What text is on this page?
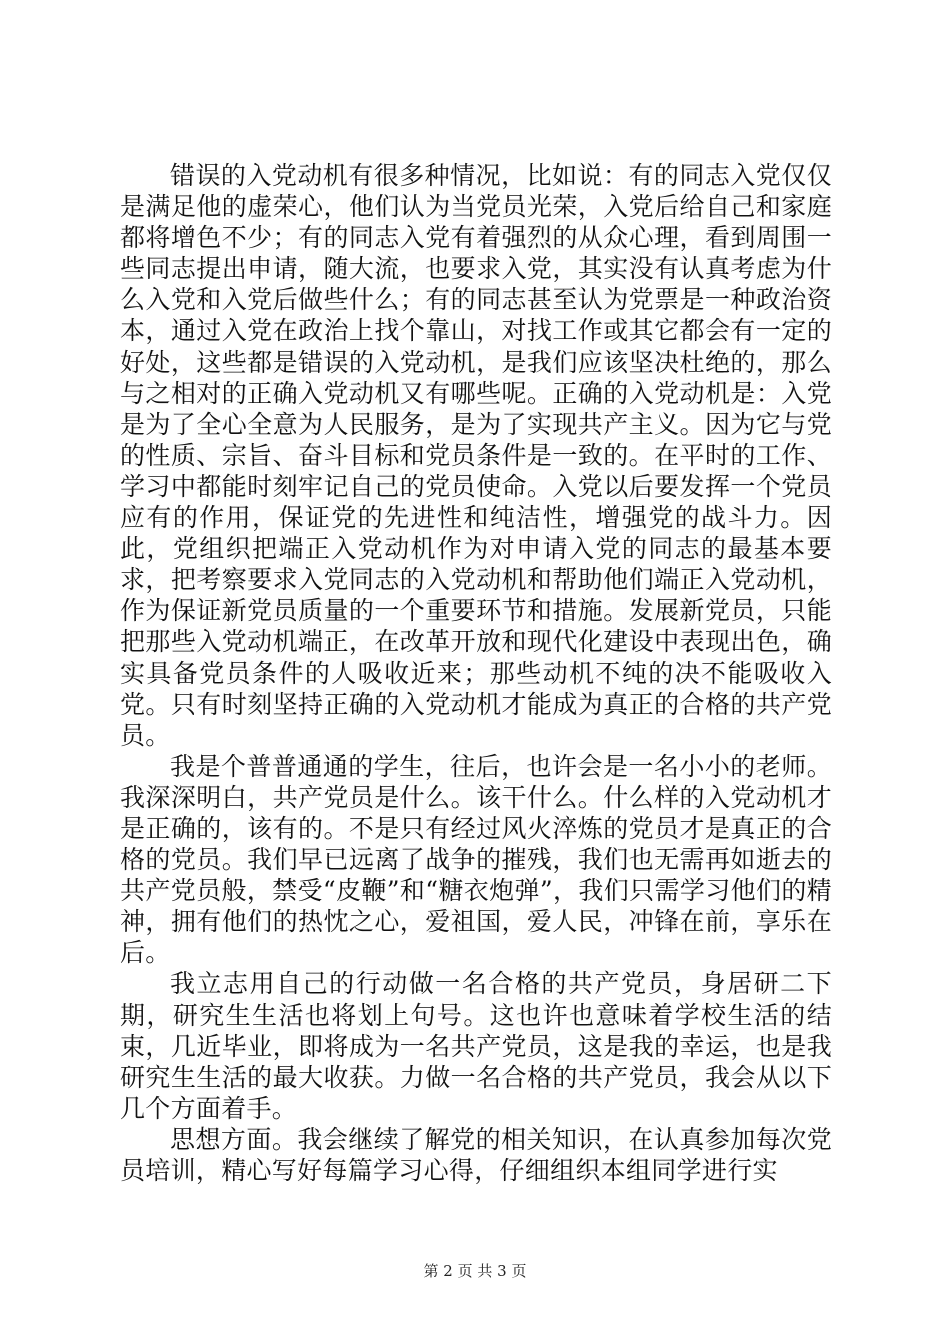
错误的入党动机有很多种情况，比如说：有的同志入党仅仅是满足他的虚荣心，他们认为当党员光荣，入党后给自己和家庭都将增色不少；有的同志入党有着强烈的从众心理，看到周围一些同志提出申请，随大流，也要求入党，其实没有认真考虑为什么入党和入党后做些什么；有的同志甚至认为党票是一种政治资本，通过入党在政治上找个靠山，对找工作或其它都会有一定的好处，这些都是错误的入党动机，是我们应该坚决杜绝的，那么与之相对的正确入党动机又有哪些呢。正确的入党动机是：入党是为了全心全意为人民服务，是为了实现共产主义。因为它与党的性质、宗旨、奋斗目标和党员条件是一致的。在平时的工作、学习中都能时刻牢记自己的党员使命。入党以后要发挥一个党员应有的作用，保证党的先进性和纯洁性，增强党的战斗力。因此，党组织把端正入党动机作为对申请入党的同志的最基本要求，把考察要求入党同志的入党动机和帮助他们端正入党动机，作为保证新党员质量的一个重要环节和措施。发展新党员，只能把那些入党动机端正，在改革开放和现代化建设中表现出色，确实具备党员条件的人吸收近来；那些动机不纯的决不能吸收入党。只有时刻坚持正确的入党动机才能成为真正的合格的共产党员。

我是个普普通通的学生，往后，也许会是一名小小的老师。我深深明白，共产党员是什么。该干什么。什么样的入党动机才是正确的，该有的。不是只有经过风火淬炼的党员才是真正的合格的党员。我们早已远离了战争的摧残，我们也无需再如逝去的共产党员般，禁受“皮鞭”和“糖衣炮弹”，我们只需学习他们的精神，拥有他们的热忱之心，爱祖国，爱人民，冲锋在前，享乐在后。

我立志用自己的行动做一名合格的共产党员，身居研二下期，研究生生活也将划上句号。这也许也意味着学校生活的结束，几近毕业，即将成为一名共产党员，这是我的幸运，也是我研究生生活的最大收获。力做一名合格的共产党员，我会从以下几个方面着手。

思想方面。我会继续了解党的相关知识，在认真参加每次党员培训，精心写好每篇学习心得，仔细组织本组同学进行实

第 2 页 共 3 页
